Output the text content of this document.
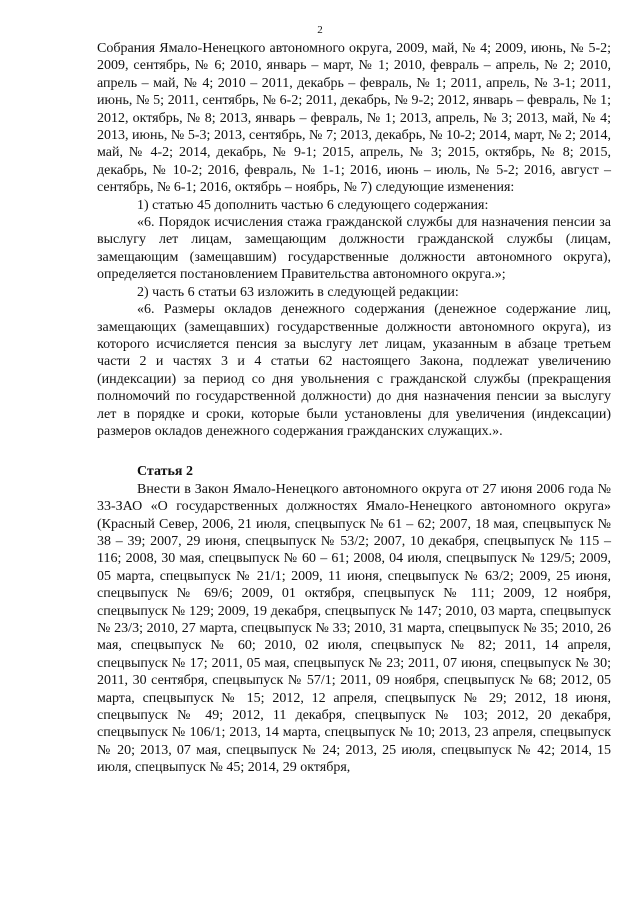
2

Собрания Ямало-Ненецкого автономного округа, 2009, май, № 4; 2009, июнь, № 5-2; 2009, сентябрь, № 6; 2010, январь – март, № 1; 2010, февраль – апрель, № 2; 2010, апрель – май, № 4; 2010 – 2011, декабрь – февраль, № 1; 2011, апрель, № 3-1; 2011, июнь, № 5; 2011, сентябрь, № 6-2; 2011, декабрь, № 9-2; 2012, январь – февраль, № 1; 2012, октябрь, № 8; 2013, январь – февраль, № 1; 2013, апрель, № 3; 2013, май, № 4; 2013, июнь, № 5-3; 2013, сентябрь, № 7; 2013, декабрь, № 10-2; 2014, март, № 2; 2014, май, № 4-2; 2014, декабрь, № 9-1; 2015, апрель, № 3; 2015, октябрь, № 8; 2015, декабрь, № 10-2; 2016, февраль, № 1-1; 2016, июнь – июль, № 5-2; 2016, август – сентябрь, № 6-1; 2016, октябрь – ноябрь, № 7) следующие изменения:

1) статью 45 дополнить частью 6 следующего содержания:

«6. Порядок исчисления стажа гражданской службы для назначения пенсии за выслугу лет лицам, замещающим должности гражданской службы (лицам, замещающим (замещавшим) государственные должности автономного округа), определяется постановлением Правительства автономного округа.»;

2) часть 6 статьи 63 изложить в следующей редакции:

«6. Размеры окладов денежного содержания (денежное содержание лиц, замещающих (замещавших) государственные должности автономного округа), из которого исчисляется пенсия за выслугу лет лицам, указанным в абзаце третьем части 2 и частях 3 и 4 статьи 62 настоящего Закона, подлежат увеличению (индексации) за период со дня увольнения с гражданской службы (прекращения полномочий по государственной должности) до дня назначения пенсии за выслугу лет в порядке и сроки, которые были установлены для увеличения (индексации) размеров окладов денежного содержания гражданских служащих.».

Статья 2

Внести в Закон Ямало-Ненецкого автономного округа от 27 июня 2006 года № 33-ЗАО «О государственных должностях Ямало-Ненецкого автономного округа» (Красный Север, 2006, 21 июля, спецвыпуск № 61 – 62; 2007, 18 мая, спецвыпуск № 38 – 39; 2007, 29 июня, спецвыпуск № 53/2; 2007, 10 декабря, спецвыпуск № 115 – 116; 2008, 30 мая, спецвыпуск № 60 – 61; 2008, 04 июля, спецвыпуск № 129/5; 2009, 05 марта, спецвыпуск № 21/1; 2009, 11 июня, спецвыпуск № 63/2; 2009, 25 июня, спецвыпуск № 69/6; 2009, 01 октября, спецвыпуск № 111; 2009, 12 ноября, спецвыпуск № 129; 2009, 19 декабря, спецвыпуск № 147; 2010, 03 марта, спецвыпуск № 23/3; 2010, 27 марта, спецвыпуск № 33; 2010, 31 марта, спецвыпуск № 35; 2010, 26 мая, спецвыпуск № 60; 2010, 02 июля, спецвыпуск № 82; 2011, 14 апреля, спецвыпуск № 17; 2011, 05 мая, спецвыпуск № 23; 2011, 07 июня, спецвыпуск № 30; 2011, 30 сентября, спецвыпуск № 57/1; 2011, 09 ноября, спецвыпуск № 68; 2012, 05 марта, спецвыпуск № 15; 2012, 12 апреля, спецвыпуск № 29; 2012, 18 июня, спецвыпуск № 49; 2012, 11 декабря, спецвыпуск № 103; 2012, 20 декабря, спецвыпуск № 106/1; 2013, 14 марта, спецвыпуск № 10; 2013, 23 апреля, спецвыпуск № 20; 2013, 07 мая, спецвыпуск № 24; 2013, 25 июля, спецвыпуск № 42; 2014, 15 июля, спецвыпуск № 45; 2014, 29 октября,
